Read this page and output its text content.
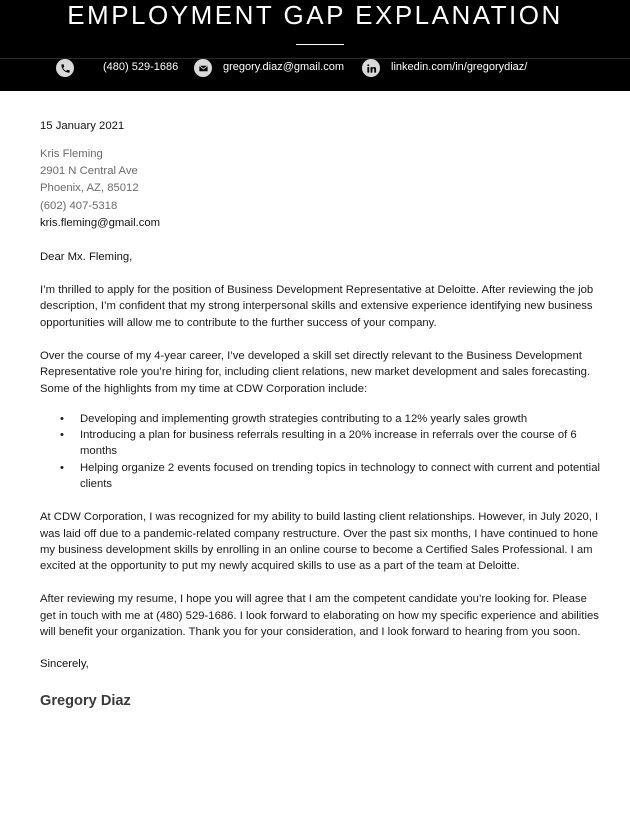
EMPLOYMENT GAP EXPLANATION
(480) 529-1686	gregory.diaz@gmail.com	linkedin.com/in/gregorydiaz/
15 January 2021
Kris Fleming
2901 N Central Ave
Phoenix, AZ, 85012
(602) 407-5318
kris.fleming@gmail.com
Dear Mx. Fleming,

I’m thrilled to apply for the position of Business Development Representative at Deloitte. After reviewing the job description, I’m confident that my strong interpersonal skills and extensive experience identifying new business opportunities will allow me to contribute to the further success of your company.

Over the course of my 4-year career, I’ve developed a skill set directly relevant to the Business Development Representative role you’re hiring for, including client relations, new market development and sales forecasting. Some of the highlights from my time at CDW Corporation include:

• Developing and implementing growth strategies contributing to a 12% yearly sales growth
• Introducing a plan for business referrals resulting in a 20% increase in referrals over the course of 6 months
• Helping organize 2 events focused on trending topics in technology to connect with current and potential clients

At CDW Corporation, I was recognized for my ability to build lasting client relationships. However, in July 2020, I was laid off due to a pandemic-related company restructure. Over the past six months, I have continued to hone my business development skills by enrolling in an online course to become a Certified Sales Professional. I am excited at the opportunity to put my newly acquired skills to use as a part of the team at Deloitte.

After reviewing my resume, I hope you will agree that I am the competent candidate you’re looking for. Please get in touch with me at (480) 529-1686. I look forward to elaborating on how my specific experience and abilities will benefit your organization. Thank you for your consideration, and I look forward to hearing from you soon.

Sincerely,
Gregory Diaz
